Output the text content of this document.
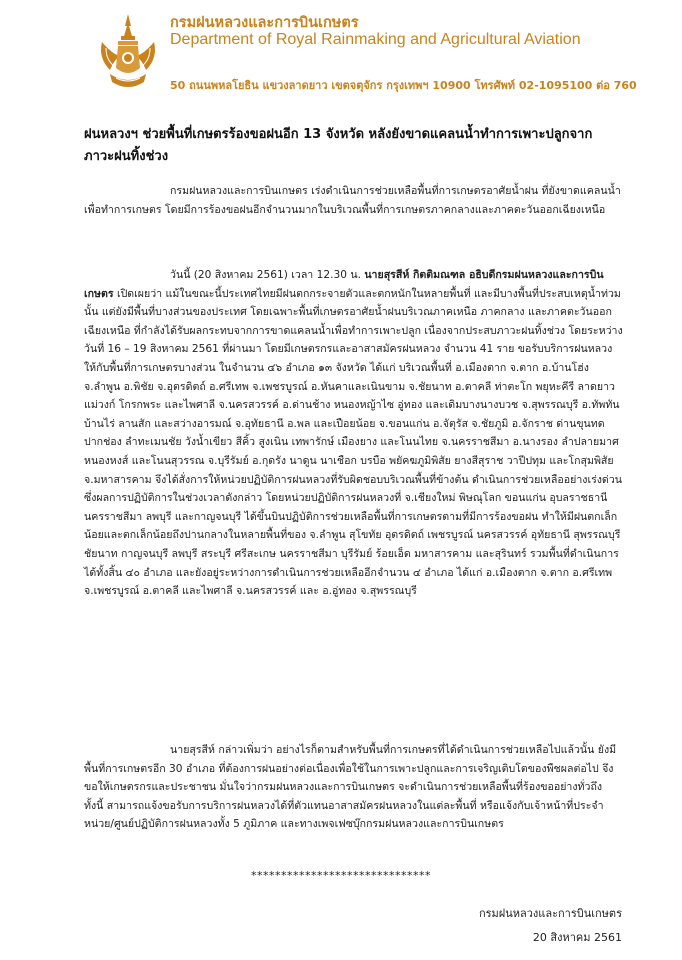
กรมฝนหลวงและการบินเกษตร
Department of Royal Rainmaking and Agricultural Aviation
50 ถนนพหลโยธิน แขวงลาดยาว เขตจตุจักร กรุงเทพฯ 10900 โทรศัพท์ 02-1095100 ต่อ 760
ฝนหลวงฯ ช่วยพื้นที่เกษตรร้องขอฝนอีก 13 จังหวัด หลังยังขาดแคลนน้ำทำการเพาะปลูกจากภาวะฝนทิ้งช่วง
กรมฝนหลวงและการบินเกษตร เร่งดำเนินการช่วยเหลือพื้นที่การเกษตรอาศัยน้ำฝน ที่ยังขาดแคลนน้ำเพื่อทำการเกษตร โดยมีการร้องขอฝนอีกจำนวนมากในบริเวณพื้นที่การเกษตรภาคกลางและภาคตะวันออกเฉียงเหนือ
วันนี้ (20 สิงหาคม 2561) เวลา 12.30 น. นายสุรสีห์ กิตติมณฑล อธิบดีกรมฝนหลวงและการบินเกษตร เปิดเผยว่า แม้ในขณะนี้ประเทศไทยมีฝนตกกระจายตัวและตกหนักในหลายพื้นที่ และมีบางพื้นที่ประสบเหตุน้ำท่วมนั้น แต่ยังมีพื้นที่บางส่วนของประเทศ โดยเฉพาะพื้นที่เกษตรอาศัยน้ำฝนบริเวณภาคเหนือ ภาคกลาง และภาคตะวันออกเฉียงเหนือ ที่กำลังได้รับผลกระทบจากการขาดแคลนน้ำเพื่อทำการเพาะปลูก เนื่องจากประสบภาวะฝนทิ้งช่วง โดยระหว่างวันที่ 16 – 19 สิงหาคม 2561 ที่ผ่านมา โดยมีเกษตรกรและอาสาสมัครฝนหลวง จำนวน 41 ราย ขอรับบริการฝนหลวงให้กับพื้นที่การเกษตรบางส่วน ในจำนวน ๔๖ อำเภอ ๑๓ จังหวัด ได้แก่ บริเวณพื้นที่ อ.เมืองตาก จ.ตาก อ.บ้านโฮ่ง จ.ลำพูน อ.พิชัย จ.อุตรดิตถ์ อ.ศรีเทพ จ.เพชรบูรณ์ อ.หันคาและเนินขาม จ.ชัยนาท อ.ตาคลี ท่าตะโก พยุหะคีรี ลาดยาว แม่วงก์ โกรกพระ และไพศาลี จ.นครสวรรค์ อ.ด่านช้าง หนองหญ้าไซ อู่ทอง และเดิมบางนางบวช จ.สุพรรณบุรี อ.ทัพทัน บ้านไร่ ลานสัก และสว่างอารมณ์ จ.อุทัยธานี อ.พล และเปือยน้อย จ.ขอนแก่น อ.จัตุรัส จ.ชัยภูมิ อ.จักราช ด่านขุนทด ปากช่อง ลำทะเมนชัย วังน้ำเขียว สีคิ้ว สูงเนิน เทพารักษ์ เมืองยาง และโนนไทย จ.นครราชสีมา อ.นางรอง ลำปลายมาศ หนองหงส์ และโนนสุวรรณ จ.บุรีรัมย์ อ.กุดรัง นาดูน นาเชือก บรบือ พยัคฆภูมิพิสัย ยางสีสุราช วาปีปทุม และโกสุมพิสัย จ.มหาสารคาม จึงได้สั่งการให้หน่วยปฏิบัติการฝนหลวงที่รับผิดชอบบริเวณพื้นที่ข้างต้น ดำเนินการช่วยเหลืออย่างเร่งด่วน ซึ่งผลการปฏิบัติการในช่วงเวลาดังกล่าว โดยหน่วยปฏิบัติการฝนหลวงที่ จ.เชียงใหม่ พิษณุโลก ขอนแก่น อุบลราชธานี นครราชสีมา ลพบุรี และกาญจนบุรี ได้ขึ้นบินปฏิบัติการช่วยเหลือพื้นที่การเกษตรตามที่มีการร้องขอฝน ทำให้มีฝนตกเล็กน้อยและตกเล็กน้อยถึงปานกลางในหลายพื้นที่ของ จ.ลำพูน สุโขทัย อุตรดิตถ์ เพชรบูรณ์ นครสวรรค์ อุทัยธานี สุพรรณบุรี ชัยนาท กาญจนบุรี ลพบุรี สระบุรี ศรีสะเกษ นครราชสีมา บุรีรัมย์ ร้อยเอ็ด มหาสารคาม และสุรินทร์ รวมพื้นที่ดำเนินการได้ทั้งสิ้น ๔๐ อำเภอ และยังอยู่ระหว่างการดำเนินการช่วยเหลืออีกจำนวน ๔ อำเภอ ได้แก่ อ.เมืองตาก จ.ตาก อ.ศรีเทพ จ.เพชรบูรณ์ อ.ตาคลี และไพศาลี จ.นครสวรรค์ และ อ.อู่ทอง จ.สุพรรณบุรี
นายสุรสีห์ กล่าวเพิ่มว่า อย่างไรก็ตามสำหรับพื้นที่การเกษตรที่ได้ดำเนินการช่วยเหลือไปแล้วนั้น ยังมีพื้นที่การเกษตรอีก 30 อำเภอ ที่ต้องการฝนอย่างต่อเนื่องเพื่อใช้ในการเพาะปลูกและการเจริญเติบโตของพืชผลต่อไป จึงขอให้เกษตรกรและประชาชน มั่นใจว่ากรมฝนหลวงและการบินเกษตร จะดำเนินการช่วยเหลือพื้นที่ร้องขออย่างทั่วถึง ทั้งนี้ สามารถแจ้งขอรับการบริการฝนหลวงได้ที่ตัวแทนอาสาสมัครฝนหลวงในแต่ละพื้นที่ หรือแจ้งกับเจ้าหน้าที่ประจำหน่วย/ศูนย์ปฏิบัติการฝนหลวงทั้ง 5 ภูมิภาค และทางเพจเฟซบุ๊กกรมฝนหลวงและการบินเกษตร
******************************
กรมฝนหลวงและการบินเกษตร
20 สิงหาคม 2561
